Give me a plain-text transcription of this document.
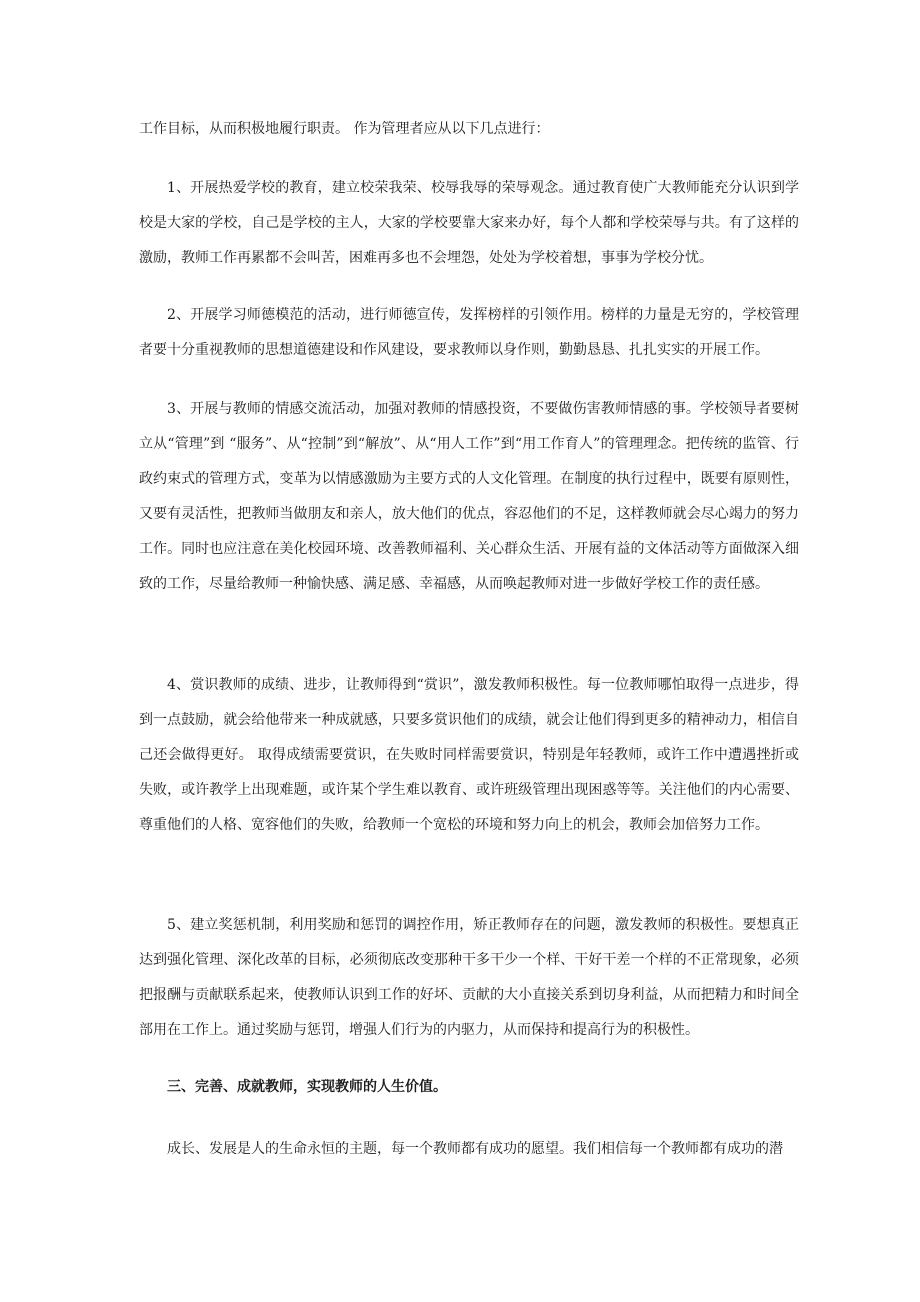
工作目标，从而积极地履行职责。 作为管理者应从以下几点进行：
1、开展热爱学校的教育，建立校荣我荣、校辱我辱的荣辱观念。通过教育使广大教师能充分认识到学校是大家的学校，自己是学校的主人，大家的学校要靠大家来办好，每个人都和学校荣辱与共。有了这样的激励，教师工作再累都不会叫苦，困难再多也不会埋怨，处处为学校着想，事事为学校分忧。
2、开展学习师德模范的活动，进行师德宣传，发挥榜样的引领作用。榜样的力量是无穷的，学校管理者要十分重视教师的思想道德建设和作风建设，要求教师以身作则，勤勤恳恳、扎扎实实的开展工作。
3、开展与教师的情感交流活动，加强对教师的情感投资，不要做伤害教师情感的事。学校领导者要树立从“管理”到 “服务”、从“控制”到“解放”、从“用人工作”到“用工作育人”的管理理念。把传统的监管、行政约束式的管理方式，变革为以情感激励为主要方式的人文化管理。在制度的执行过程中，既要有原则性，又要有灵活性，把教师当做朋友和亲人，放大他们的优点，容忍他们的不足，这样教师就会尽心竭力的努力工作。同时也应注意在美化校园环境、改善教师福利、关心群众生活、开展有益的文体活动等方面做深入细致的工作，尽量给教师一种愉快感、满足感、幸福感，从而唤起教师对进一步做好学校工作的责任感。
4、赏识教师的成绩、进步，让教师得到“赏识”，激发教师积极性。每一位教师哪怕取得一点进步，得到一点鼓励，就会给他带来一种成就感，只要多赏识他们的成绩，就会让他们得到更多的精神动力，相信自己还会做得更好。 取得成绩需要赏识，在失败时同样需要赏识，特别是年轻教师，或许工作中遭遇挫折或失败，或许教学上出现难题，或许某个学生难以教育、或许班级管理出现困惑等等。关注他们的内心需要、尊重他们的人格、宽容他们的失败，给教师一个宽松的环境和努力向上的机会，教师会加倍努力工作。
5、建立奖惩机制，利用奖励和惩罚的调控作用，矫正教师存在的问题，激发教师的积极性。要想真正达到强化管理、深化改革的目标，必须彻底改变那种干多干少一个样、干好干差一个样的不正常现象，必须把报酬与贡献联系起来，使教师认识到工作的好坏、贡献的大小直接关系到切身利益，从而把精力和时间全部用在工作上。通过奖励与惩罚，增强人们行为的内驱力，从而保持和提高行为的积极性。
三、完善、成就教师，实现教师的人生价值。
成长、发展是人的生命永恒的主题，每一个教师都有成功的愿望。我们相信每一个教师都有成功的潜
